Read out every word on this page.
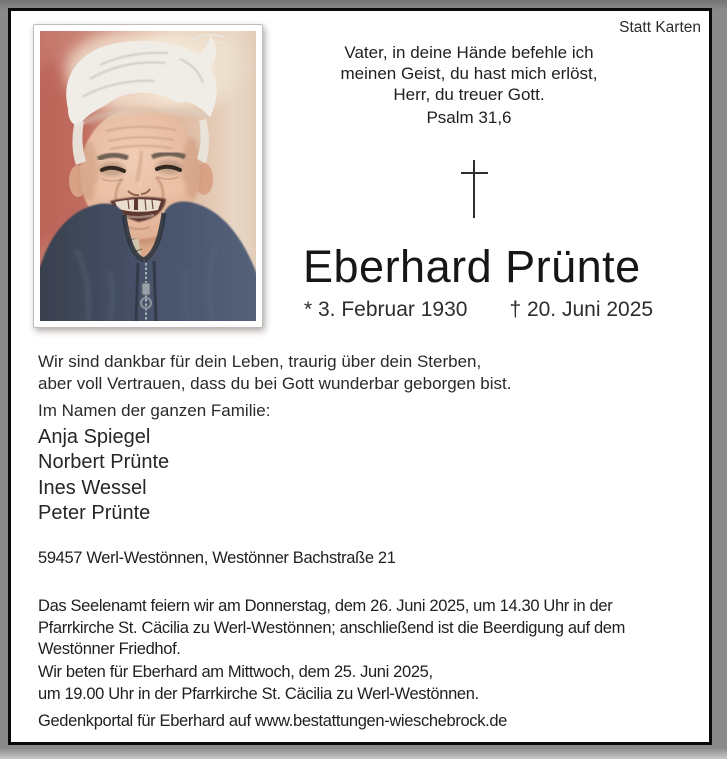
Statt Karten
Vater, in deine Hände befehle ich
meinen Geist, du hast mich erlöst,
Herr, du treuer Gott.
Psalm 31,6
Eberhard Prünte
* 3. Februar 1930 † 20. Juni 2025
Wir sind dankbar für dein Leben, traurig über dein Sterben,
aber voll Vertrauen, dass du bei Gott wunderbar geborgen bist.
Im Namen der ganzen Familie:
Anja Spiegel
Norbert Prünte
Ines Wessel
Peter Prünte
59457 Werl-Westönnen, Westönner Bachstraße 21
Das Seelenamt feiern wir am Donnerstag, dem 26. Juni 2025, um 14.30 Uhr in der
Pfarrkirche St. Cäcilia zu Werl-Westönnen; anschließend ist die Beerdigung auf dem
Westönner Friedhof.
Wir beten für Eberhard am Mittwoch, dem 25. Juni 2025,
um 19.00 Uhr in der Pfarrkirche St. Cäcilia zu Werl-Westönnen.
Gedenkportal für Eberhard auf www.bestattungen-wieschebrock.de
